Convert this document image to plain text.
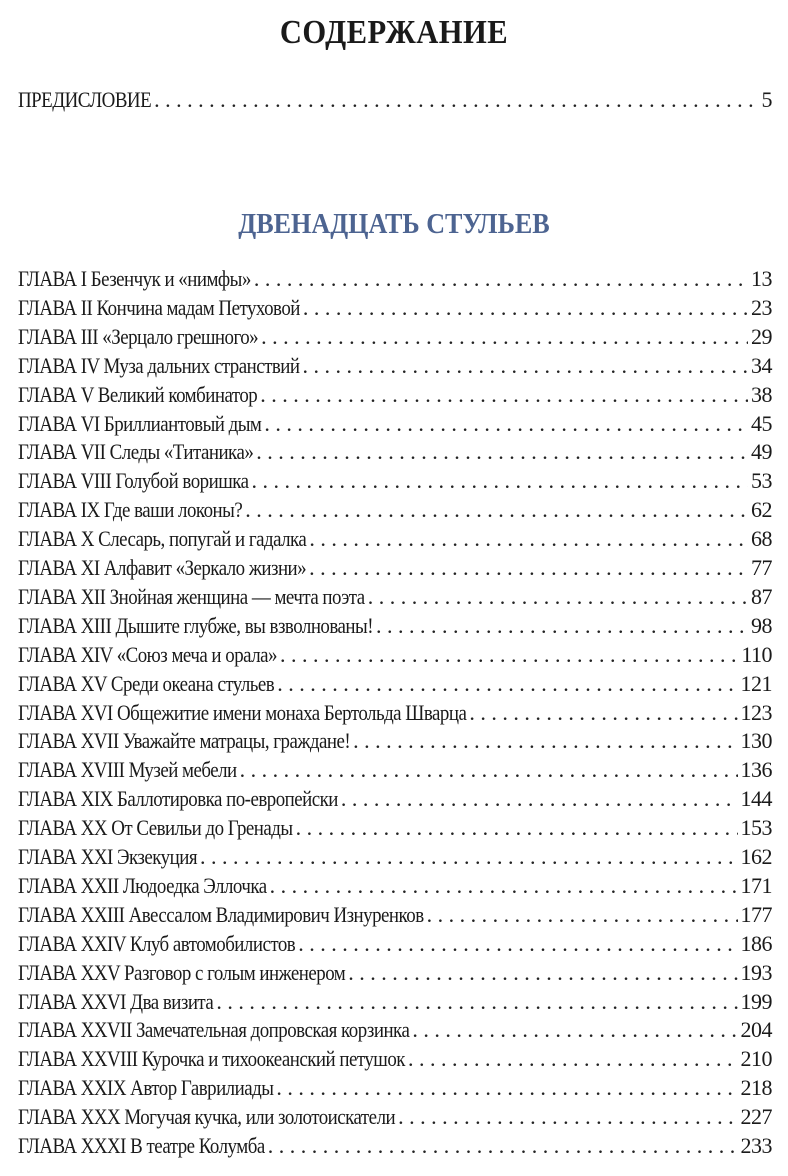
СОДЕРЖАНИЕ
ПРЕДИСЛОВИЕ . . .	5
ДВЕНАДЦАТЬ СТУЛЬЕВ
ГЛАВА I Безенчук и «нимфы» . . .	13
ГЛАВА II Кончина мадам Петуховой . . .	23
ГЛАВА III «Зерцало грешного» . . .	29
ГЛАВА IV Муза дальних странствий . . .	34
ГЛАВА V Великий комбинатор . . .	38
ГЛАВА VI Бриллиантовый дым . . .	45
ГЛАВА VII Следы «Титаника» . . .	49
ГЛАВА VIII Голубой воришка . . .	53
ГЛАВА IX Где ваши локоны? . . .	62
ГЛАВА X Слесарь, попугай и гадалка . . .	68
ГЛАВА XI Алфавит «Зеркало жизни» . . .	77
ГЛАВА XII Знойная женщина — мечта поэта . . .	87
ГЛАВА XIII Дышите глубже, вы взволнованы! . . .	98
ГЛАВА XIV «Союз меча и орала» . . .	110
ГЛАВА XV Среди океана стульев . . .	121
ГЛАВА XVI Общежитие имени монаха Бертольда Шварца . . .	123
ГЛАВА XVII Уважайте матрацы, граждане! . . .	130
ГЛАВА XVIII Музей мебели . . .	136
ГЛАВА XIX Баллотировка по-европейски . . .	144
ГЛАВА XX От Севильи до Гренады . . .	153
ГЛАВА XXI Экзекуция . . .	162
ГЛАВА XXII Людоедка Эллочка . . .	171
ГЛАВА XXIII Авессалом Владимирович Изнуренков . . .	177
ГЛАВА XXIV Клуб автомобилистов . . .	186
ГЛАВА XXV Разговор с голым инженером . . .	193
ГЛАВА XXVI Два визита . . .	199
ГЛАВА XXVII Замечательная допровская корзинка . . .	204
ГЛАВА XXVIII Курочка и тихоокеанский петушок . . .	210
ГЛАВА XXIX Автор Гаврилиады . . .	218
ГЛАВА XXX Могучая кучка, или золотоискатели . . .	227
ГЛАВА XXXI В театре Колумба . . .	233
